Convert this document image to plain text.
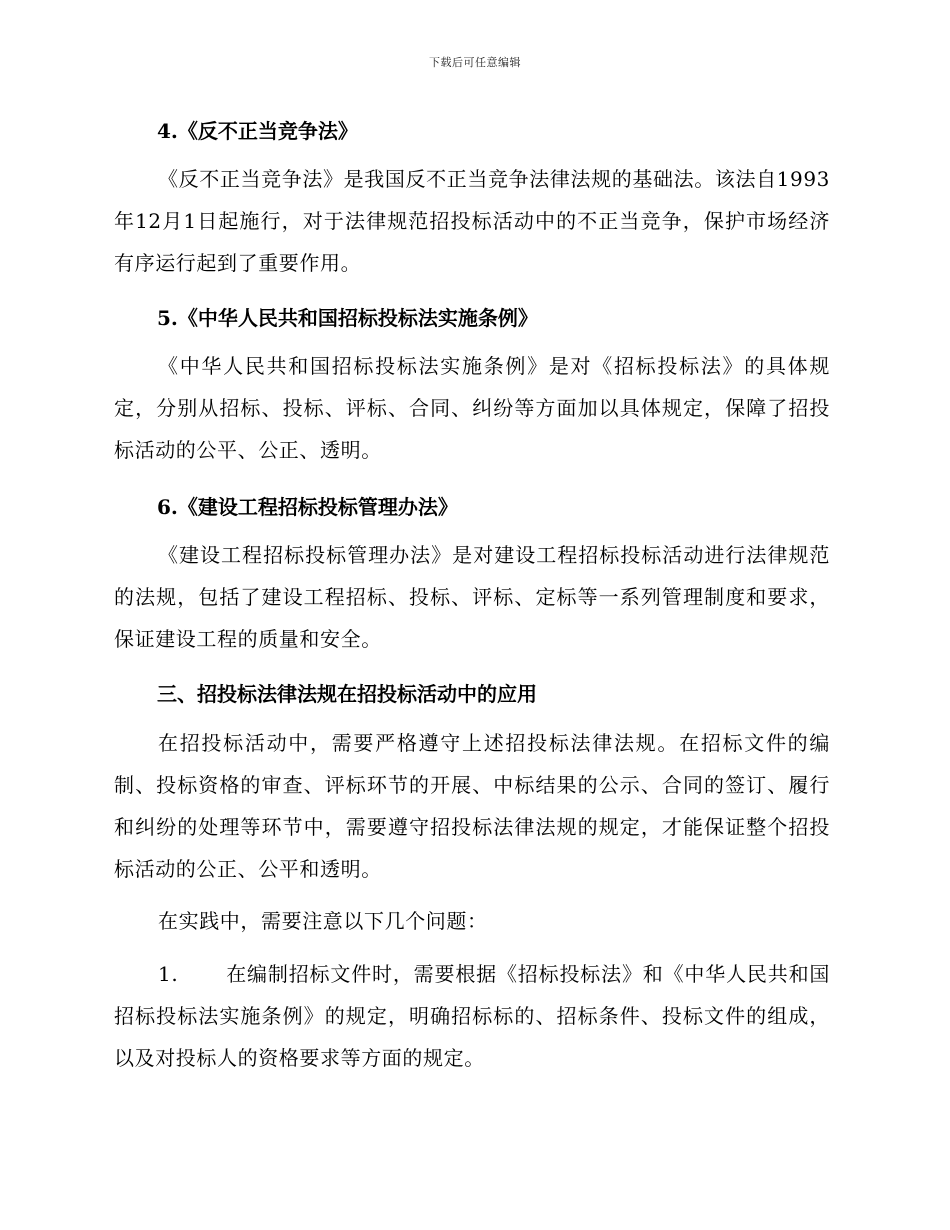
下载后可任意编辑
4.《反不正当竞争法》

《反不正当竞争法》是我国反不正当竞争法律法规的基础法。该法自1993年12月1日起施行，对于法律规范招投标活动中的不正当竞争，保护市场经济有序运行起到了重要作用。

5.《中华人民共和国招标投标法实施条例》

《中华人民共和国招标投标法实施条例》是对《招标投标法》的具体规定，分别从招标、投标、评标、合同、纠纷等方面加以具体规定，保障了招投标活动的公平、公正、透明。

6.《建设工程招标投标管理办法》

《建设工程招标投标管理办法》是对建设工程招标投标活动进行法律规范的法规，包括了建设工程招标、投标、评标、定标等一系列管理制度和要求，保证建设工程的质量和安全。

三、招投标法律法规在招投标活动中的应用

在招投标活动中，需要严格遵守上述招投标法律法规。在招标文件的编制、投标资格的审查、评标环节的开展、中标结果的公示、合同的签订、履行和纠纷的处理等环节中，需要遵守招投标法律法规的规定，才能保证整个招投标活动的公正、公平和透明。

在实践中，需要注意以下几个问题：

1. 在编制招标文件时，需要根据《招标投标法》和《中华人民共和国招标投标法实施条例》的规定，明确招标标的、招标条件、投标文件的组成，以及对投标人的资格要求等方面的规定。
